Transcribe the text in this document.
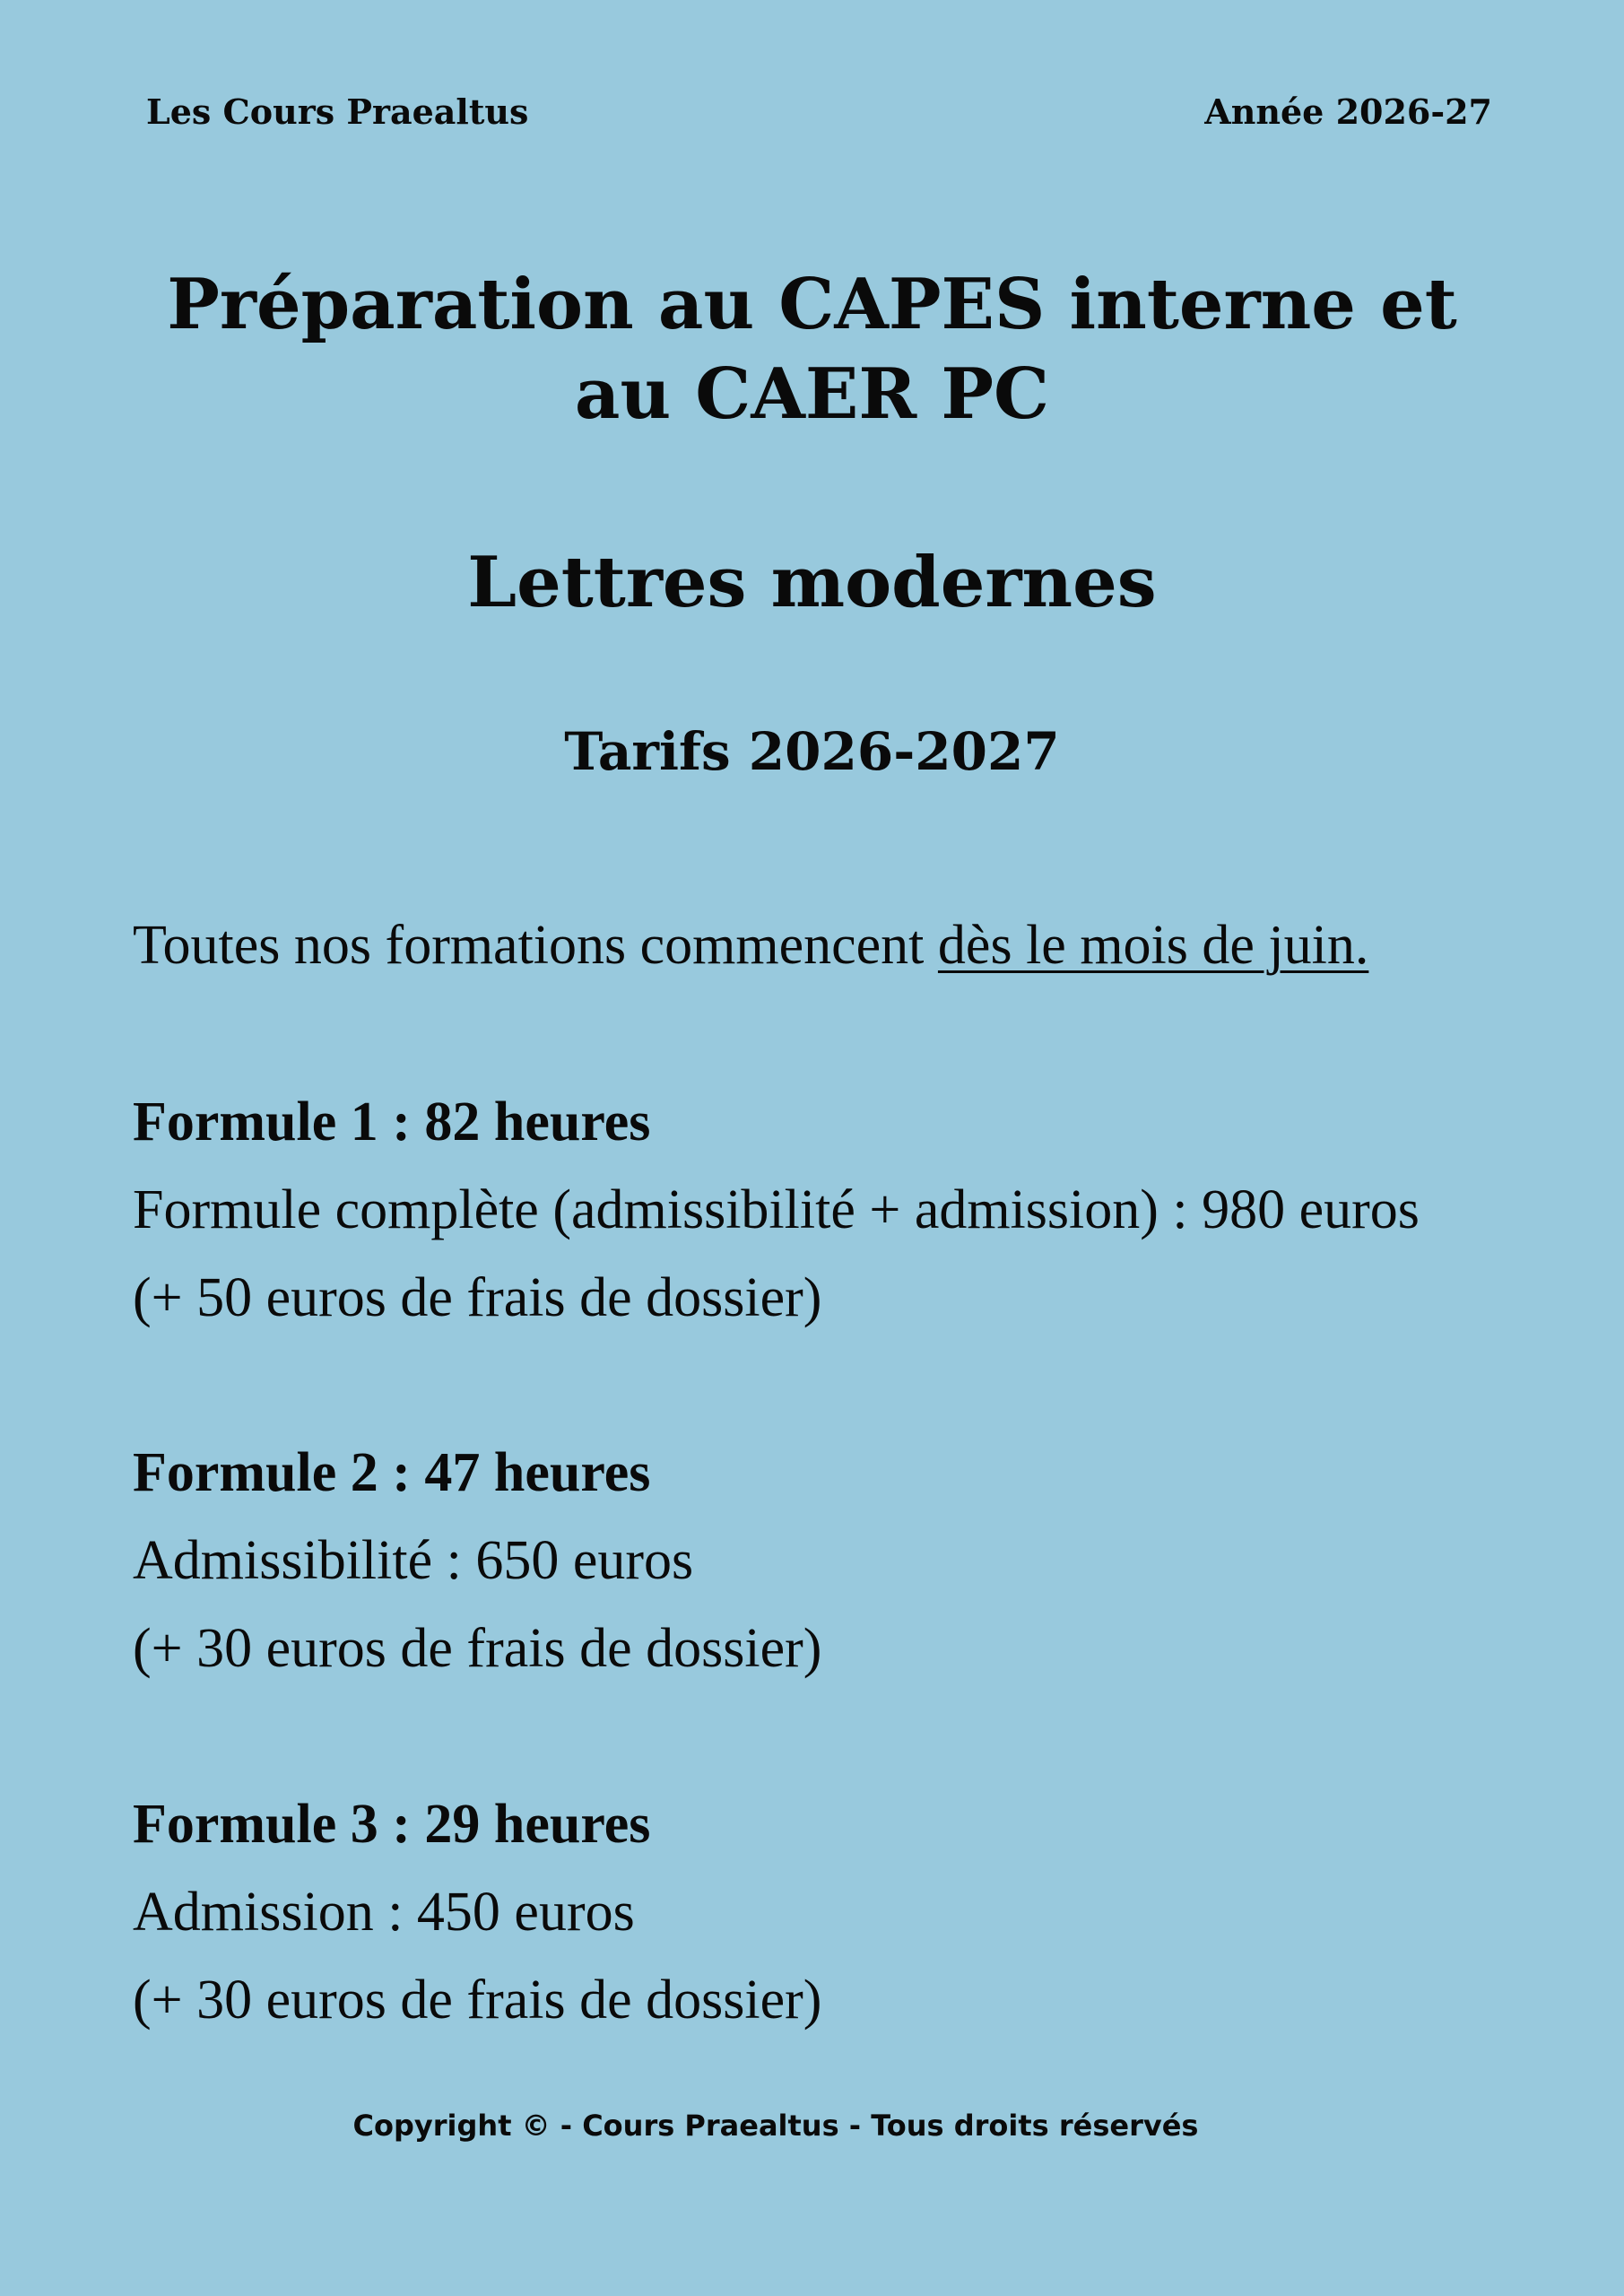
Les Cours Praealtus	Année 2026-27
Préparation au CAPES interne et
au CAER PC
Lettres modernes
Tarifs 2026-2027
Toutes nos formations commencent dès le mois de juin.
Formule 1 : 82 heures
Formule complète (admissibilité + admission) : 980 euros
(+ 50 euros de frais de dossier)
Formule 2 : 47 heures
Admissibilité : 650 euros
(+ 30 euros de frais de dossier)
Formule 3 : 29 heures
Admission : 450 euros
(+ 30 euros de frais de dossier)
Copyright © - Cours Praealtus - Tous droits réservés
